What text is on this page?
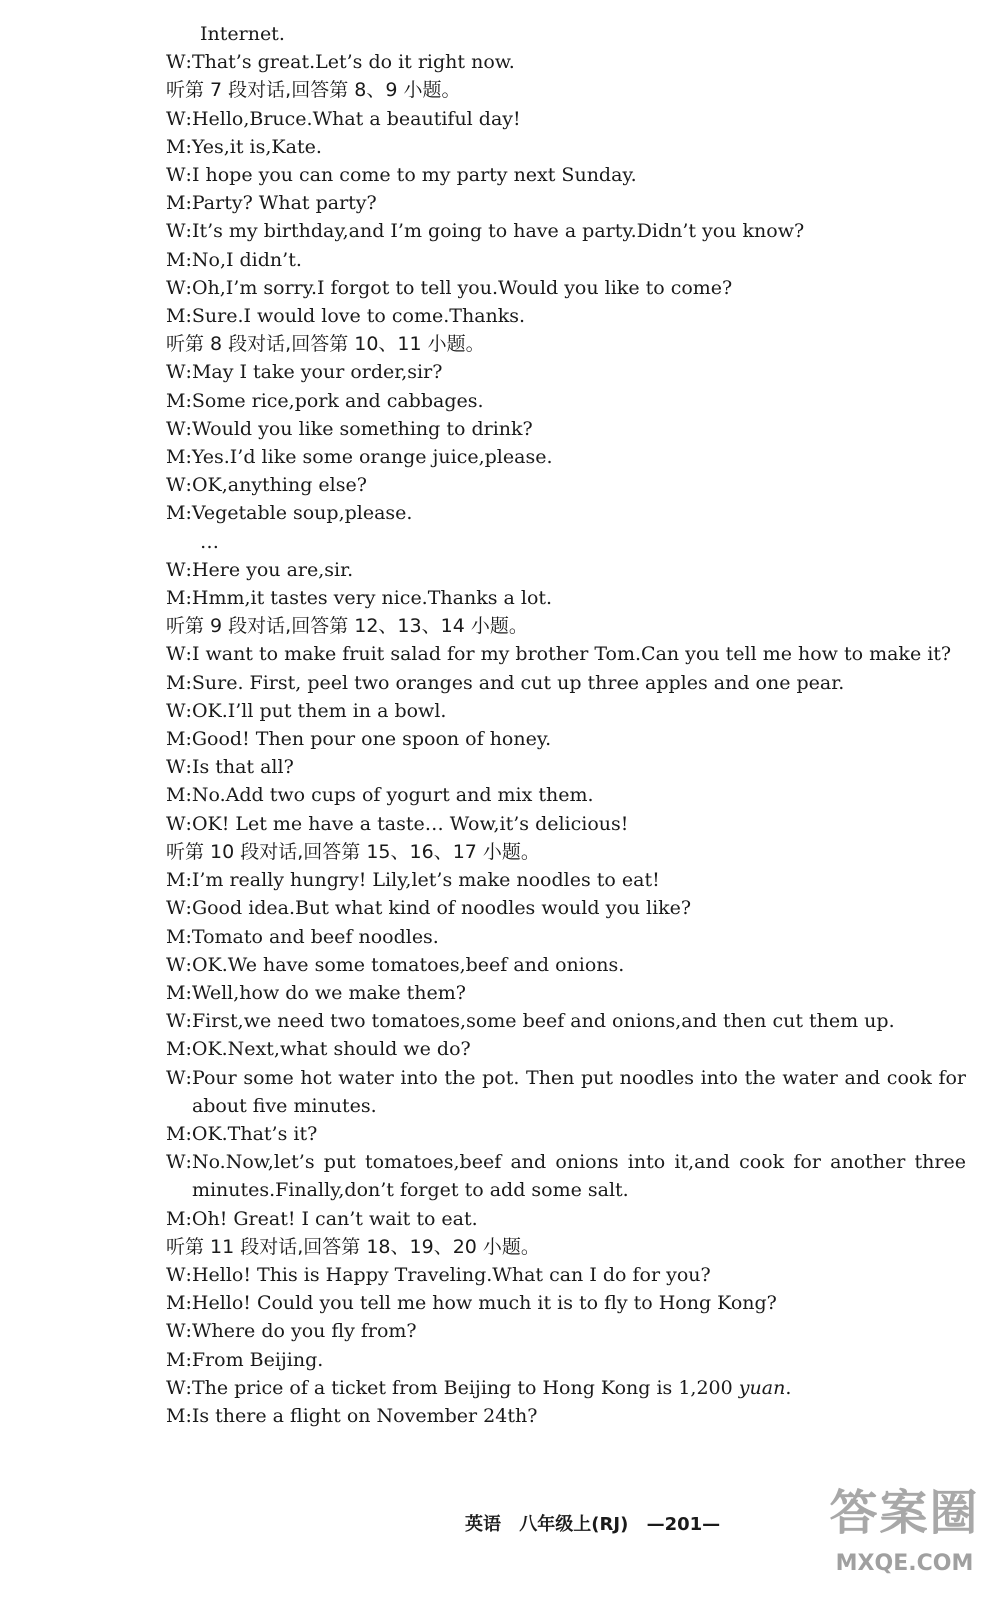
Internet.
W : That’s great.Let’s do it right now.
听第 7 段对话,回答第 8、9 小题。
W : Hello,Bruce.What a beautiful day!
M : Yes,it is,Kate.
W : I hope you can come to my party next Sunday.
M : Party? What party?
W : It’s my birthday,and I’m going to have a party.Didn’t you know?
M : No,I didn’t.
W : Oh,I’m sorry.I forgot to tell you.Would you like to come?
M : Sure.I would love to come.Thanks.
听第 8 段对话,回答第 10、11 小题。
W : May I take your order,sir?
M : Some rice,pork and cabbages.
W : Would you like something to drink?
M : Yes.I’d like some orange juice,please.
W : OK,anything else?
M : Vegetable soup,please.
…
W : Here you are,sir.
M : Hmm,it tastes very nice.Thanks a lot.
听第 9 段对话,回答第 12、13、14 小题。
W : I want to make fruit salad for my brother Tom.Can you tell me how to make it?
M : Sure. First, peel two oranges and cut up three apples and one pear.
W : OK.I’ll put them in a bowl.
M : Good! Then pour one spoon of honey.
W : Is that all?
M : No.Add two cups of yogurt and mix them.
W : OK! Let me have a taste… Wow,it’s delicious!
听第 10 段对话,回答第 15、16、17 小题。
M : I’m really hungry! Lily,let’s make noodles to eat!
W : Good idea.But what kind of noodles would you like?
M : Tomato and beef noodles.
W : OK.We have some tomatoes,beef and onions.
M : Well,how do we make them?
W : First,we need two tomatoes,some beef and onions,and then cut them up.
M : OK.Next,what should we do?
W : Pour some hot water into the pot. Then put noodles into the water and cook for about five minutes.
M : OK.That’s it?
W : No.Now,let’s put tomatoes,beef and onions into it,and cook for another three minutes.Finally,don’t forget to add some salt.
M : Oh! Great! I can’t wait to eat.
听第 11 段对话,回答第 18、19、20 小题。
W : Hello! This is Happy Traveling.What can I do for you?
M : Hello! Could you tell me how much it is to fly to Hong Kong?
W : Where do you fly from?
M : From Beijing.
W : The price of a ticket from Beijing to Hong Kong is 1,200 yuan.
M : Is there a flight on November 24th?
英语 八年级上(RJ) —201—	答案圈
MXQE.COM
